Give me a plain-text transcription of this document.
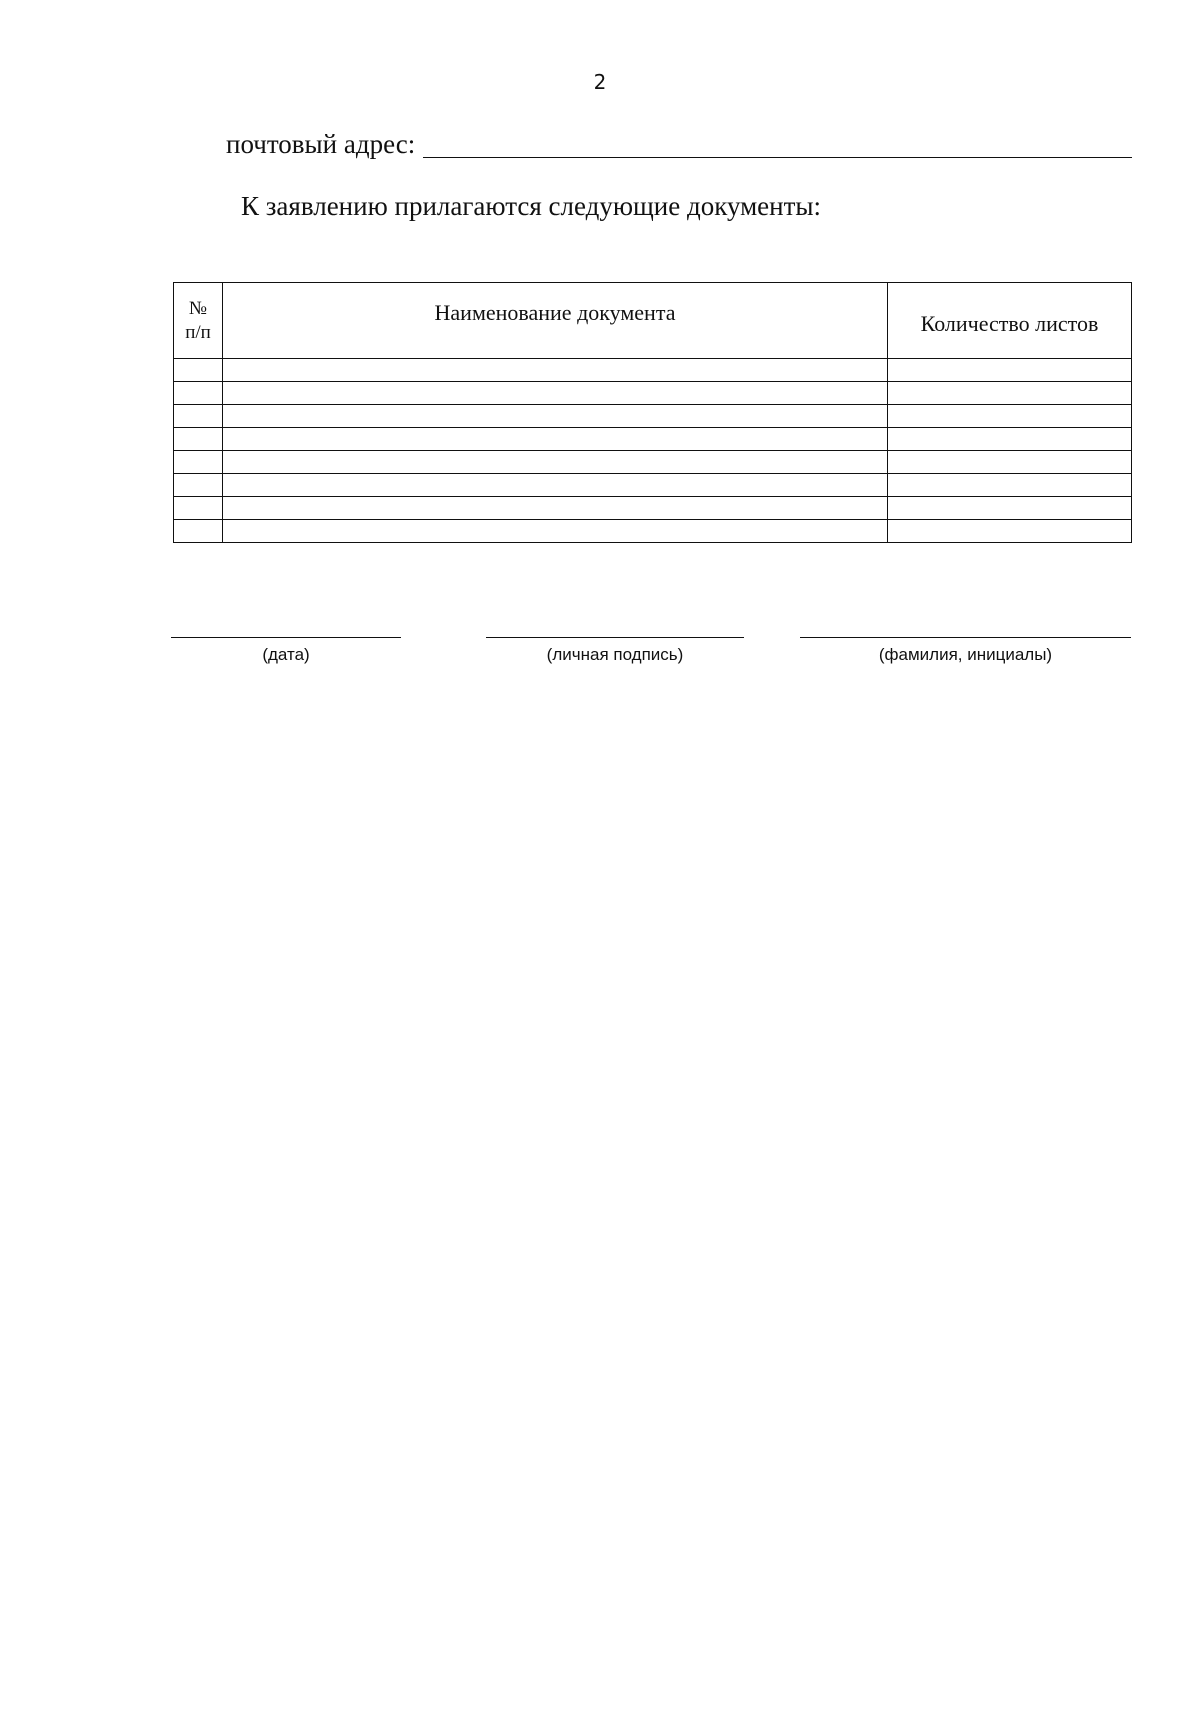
2
почтовый адрес:
К заявлению прилагаются следующие документы:
№
п/п	Наименование документа	Количество листов

(дата)	(личная подпись)	(фамилия, инициалы)
